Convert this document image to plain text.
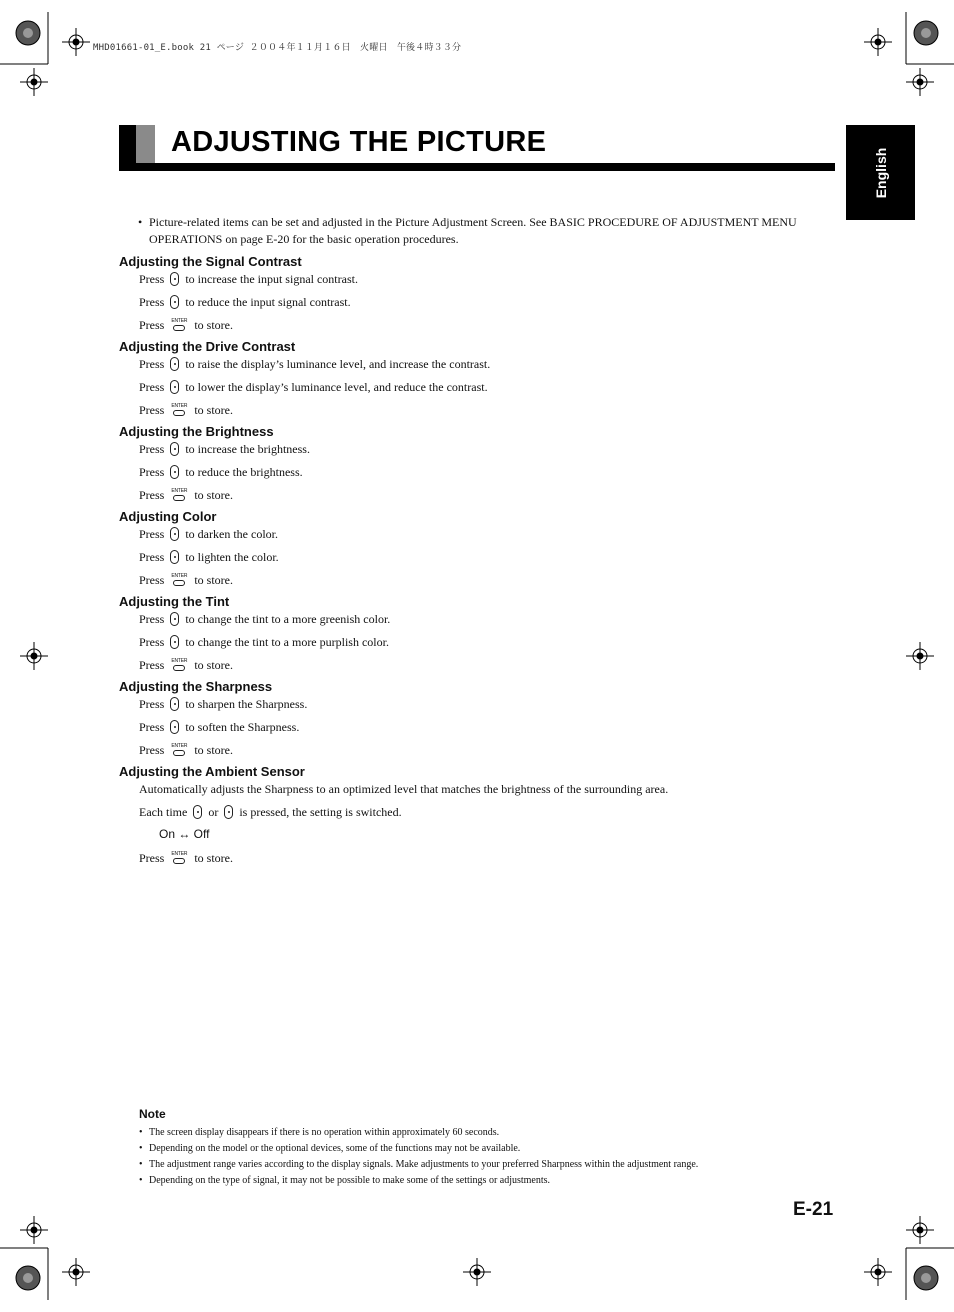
MHD01661-01_E.book 21 ページ ２００４年１１月１６日　火曜日　午後４時３３分
ADJUSTING THE PICTURE
English
• Picture-related items can be set and adjusted in the Picture Adjustment Screen. See BASIC PROCEDURE OF ADJUSTMENT MENU OPERATIONS on page E-20 for the basic operation procedures.
Adjusting the Signal Contrast
Press to increase the input signal contrast.
Press to reduce the input signal contrast.
Press ENTER to store.
Adjusting the Drive Contrast
Press to raise the display’s luminance level, and increase the contrast.
Press to lower the display’s luminance level, and reduce the contrast.
Press ENTER to store.
Adjusting the Brightness
Press to increase the brightness.
Press to reduce the brightness.
Press ENTER to store.
Adjusting Color
Press to darken the color.
Press to lighten the color.
Press ENTER to store.
Adjusting the Tint
Press to change the tint to a more greenish color.
Press to change the tint to a more purplish color.
Press ENTER to store.
Adjusting the Sharpness
Press to sharpen the Sharpness.
Press to soften the Sharpness.
Press ENTER to store.
Adjusting the Ambient Sensor
Automatically adjusts the Sharpness to an optimized level that matches the brightness of the surrounding area.
Each time or is pressed, the setting is switched.
On ↔ Off
Press ENTER to store.
Note
• The screen display disappears if there is no operation within approximately 60 seconds.
• Depending on the model or the optional devices, some of the functions may not be available.
• The adjustment range varies according to the display signals. Make adjustments to your preferred Sharpness within the adjustment range.
• Depending on the type of signal, it may not be possible to make some of the settings or adjustments.
E-21
